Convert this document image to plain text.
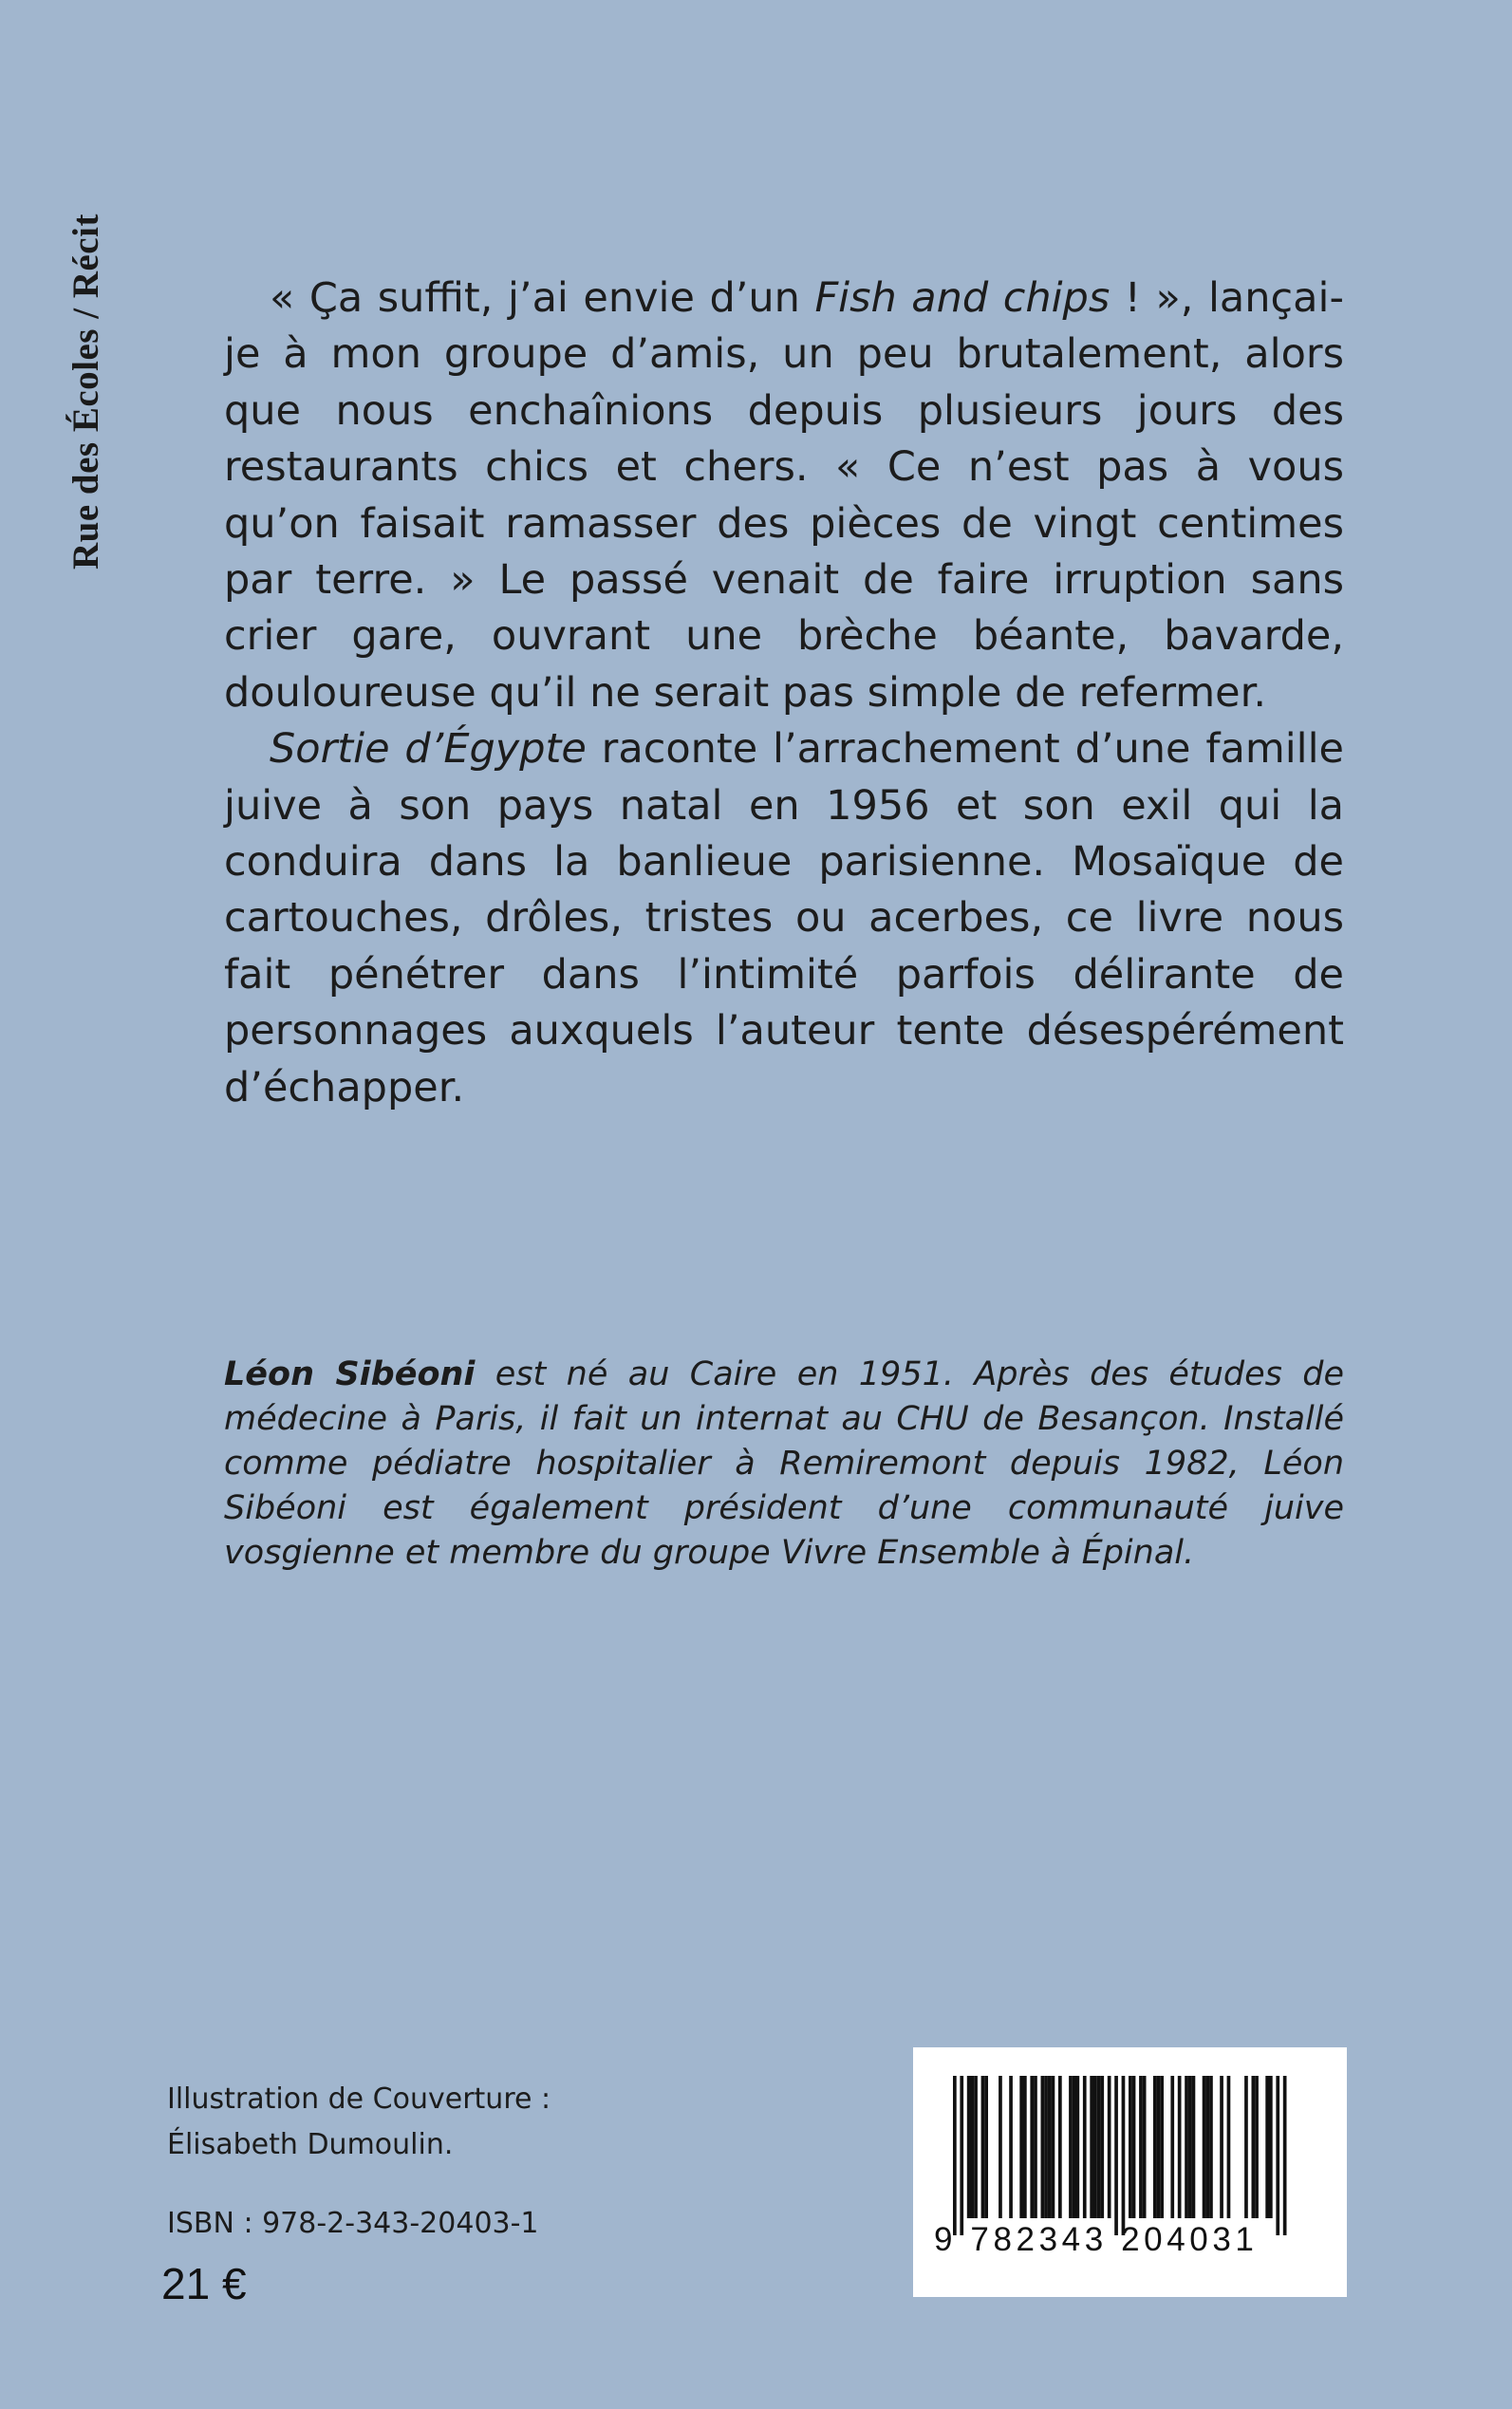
Rue des Écoles / Récit	« Ça suffit, j’ai envie d’un Fish and chips ! », lançai-je à mon groupe d’amis, un peu brutalement, alors que nous enchaînions depuis plusieurs jours des restaurants chics et chers. « Ce n’est pas à vous qu’on faisait ramasser des pièces de vingt centimes par terre. » Le passé venait de faire irruption sans crier gare, ouvrant une brèche béante, bavarde, douloureuse qu’il ne serait pas simple de refermer.

Sortie d’Égypte raconte l’arrachement d’une famille juive à son pays natal en 1956 et son exil qui la conduira dans la banlieue parisienne. Mosaïque de cartouches, drôles, tristes ou acerbes, ce livre nous fait pénétrer dans l’intimité parfois délirante de personnages auxquels l’auteur tente désespérément d’échapper.

Léon Sibéoni est né au Caire en 1951. Après des études de médecine à Paris, il fait un internat au CHU de Besançon. Installé comme pédiatre hospitalier à Remiremont depuis 1982, Léon Sibéoni est également président d’une communauté juive vosgienne et membre du groupe Vivre Ensemble à Épinal.

Illustration de Couverture :
Élisabeth Dumoulin.
ISBN : 978-2-343-20403-1
21 €
9 782343 204031
